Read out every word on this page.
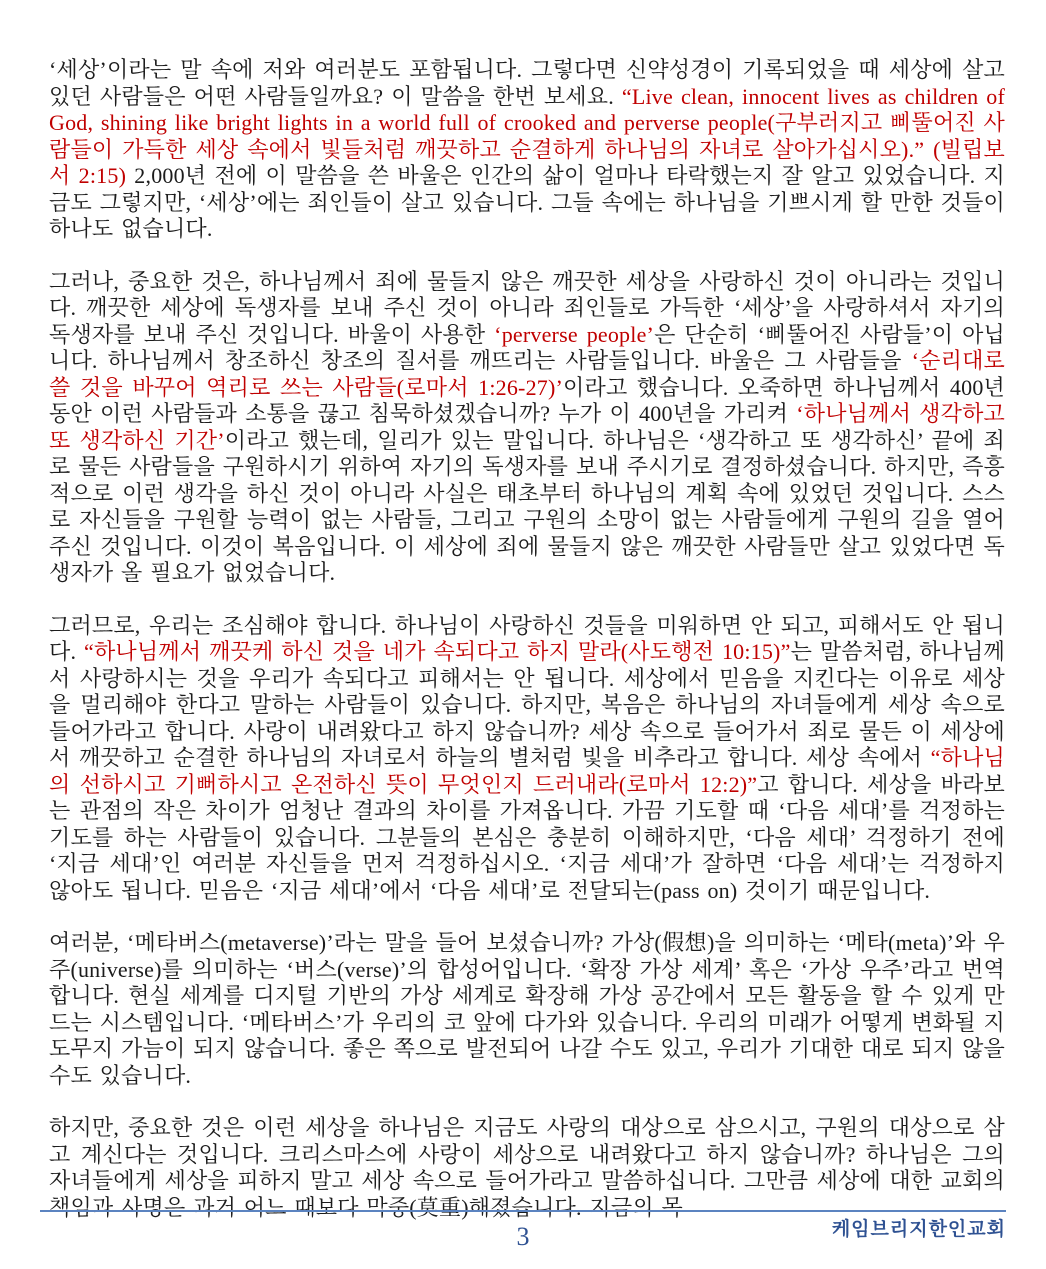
‘세상’이라는 말 속에 저와 여러분도 포함됩니다. 그렇다면 신약성경이 기록되었을 때 세상에 살고 있던 사람들은 어떤 사람들일까요? 이 말씀을 한번 보세요. “Live clean, innocent lives as children of God, shining like bright lights in a world full of crooked and perverse people(구부러지고 삐뚤어진 사람들이 가득한 세상 속에서 빛들처럼 깨끗하고 순결하게 하나님의 자녀로 살아가십시오).” (빌립보서 2:15) 2,000년 전에 이 말씀을 쓴 바울은 인간의 삶이 얼마나 타락했는지 잘 알고 있었습니다. 지금도 그렇지만, ‘세상’에는 죄인들이 살고 있습니다. 그들 속에는 하나님을 기쁘시게 할 만한 것들이 하나도 없습니다.

그러나, 중요한 것은, 하나님께서 죄에 물들지 않은 깨끗한 세상을 사랑하신 것이 아니라는 것입니다. 깨끗한 세상에 독생자를 보내 주신 것이 아니라 죄인들로 가득한 ‘세상’을 사랑하셔서 자기의 독생자를 보내 주신 것입니다. 바울이 사용한 ‘perverse people’은 단순히 ‘삐뚤어진 사람들’이 아닙니다. 하나님께서 창조하신 창조의 질서를 깨뜨리는 사람들입니다. 바울은 그 사람들을 ‘순리대로 쓸 것을 바꾸어 역리로 쓰는 사람들(로마서 1:26-27)’이라고 했습니다. 오죽하면 하나님께서 400년 동안 이런 사람들과 소통을 끊고 침묵하셨겠습니까? 누가 이 400년을 가리켜 ‘하나님께서 생각하고 또 생각하신 기간’이라고 했는데, 일리가 있는 말입니다. 하나님은 ‘생각하고 또 생각하신’ 끝에 죄로 물든 사람들을 구원하시기 위하여 자기의 독생자를 보내 주시기로 결정하셨습니다. 하지만, 즉흥적으로 이런 생각을 하신 것이 아니라 사실은 태초부터 하나님의 계획 속에 있었던 것입니다. 스스로 자신들을 구원할 능력이 없는 사람들, 그리고 구원의 소망이 없는 사람들에게 구원의 길을 열어 주신 것입니다. 이것이 복음입니다. 이 세상에 죄에 물들지 않은 깨끗한 사람들만 살고 있었다면 독생자가 올 필요가 없었습니다.

그러므로, 우리는 조심해야 합니다. 하나님이 사랑하신 것들을 미워하면 안 되고, 피해서도 안 됩니다. “하나님께서 깨끗케 하신 것을 네가 속되다고 하지 말라(사도행전 10:15)”는 말씀처럼, 하나님께서 사랑하시는 것을 우리가 속되다고 피해서는 안 됩니다. 세상에서 믿음을 지킨다는 이유로 세상을 멀리해야 한다고 말하는 사람들이 있습니다. 하지만, 복음은 하나님의 자녀들에게 세상 속으로 들어가라고 합니다. 사랑이 내려왔다고 하지 않습니까? 세상 속으로 들어가서 죄로 물든 이 세상에서 깨끗하고 순결한 하나님의 자녀로서 하늘의 별처럼 빛을 비추라고 합니다. 세상 속에서 “하나님의 선하시고 기뻐하시고 온전하신 뜻이 무엇인지 드러내라(로마서 12:2)”고 합니다. 세상을 바라보는 관점의 작은 차이가 엄청난 결과의 차이를 가져옵니다. 가끔 기도할 때 ‘다음 세대’를 걱정하는 기도를 하는 사람들이 있습니다. 그분들의 본심은 충분히 이해하지만, ‘다음 세대’ 걱정하기 전에 ‘지금 세대’인 여러분 자신들을 먼저 걱정하십시오. ‘지금 세대’가 잘하면 ‘다음 세대’는 걱정하지 않아도 됩니다. 믿음은 ‘지금 세대’에서 ‘다음 세대’로 전달되는(pass on) 것이기 때문입니다.

여러분, ‘메타버스(metaverse)’라는 말을 들어 보셨습니까? 가상(假想)을 의미하는 ‘메타(meta)’와 우주(universe)를 의미하는 ‘버스(verse)’의 합성어입니다. ‘확장 가상 세계’ 혹은 ‘가상 우주’라고 번역합니다. 현실 세계를 디지털 기반의 가상 세계로 확장해 가상 공간에서 모든 활동을 할 수 있게 만드는 시스템입니다. ‘메타버스’가 우리의 코 앞에 다가와 있습니다. 우리의 미래가 어떻게 변화될 지 도무지 가늠이 되지 않습니다. 좋은 쪽으로 발전되어 나갈 수도 있고, 우리가 기대한 대로 되지 않을 수도 있습니다.

하지만, 중요한 것은 이런 세상을 하나님은 지금도 사랑의 대상으로 삼으시고, 구원의 대상으로 삼고 계신다는 것입니다. 크리스마스에 사랑이 세상으로 내려왔다고 하지 않습니까? 하나님은 그의 자녀들에게 세상을 피하지 말고 세상 속으로 들어가라고 말씀하십니다. 그만큼 세상에 대한 교회의 책임과 사명은 과거 어느 때보다 막중(莫重)해졌습니다. 지금의 목

케임브리지한인교회
3
